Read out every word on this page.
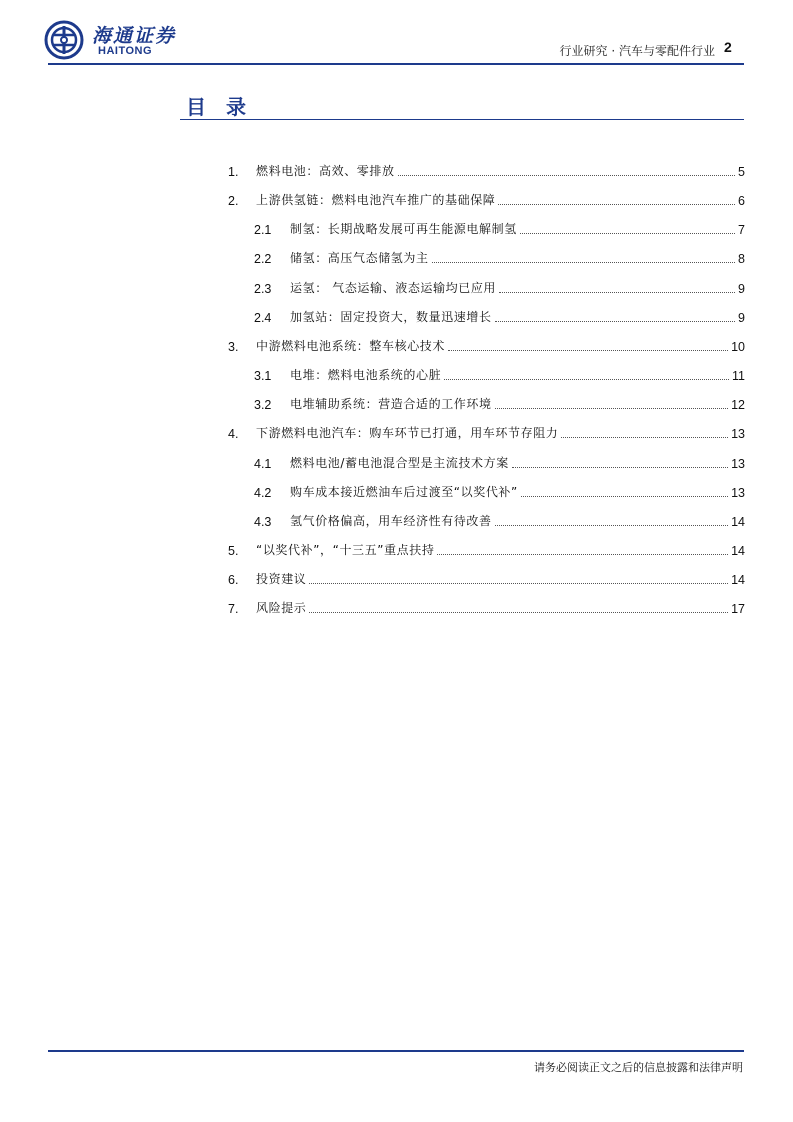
海通证券
HAITONG	行业研究 · 汽车与零配件行业 2
目录
1.	燃料电池：高效、零排放	5
2.	上游供氢链：燃料电池汽车推广的基础保障	6
2.1	制氢：长期战略发展可再生能源电解制氢	7
2.2	储氢：高压气态储氢为主	8
2.3	运氢： 气态运输、液态运输均已应用	9
2.4	加氢站：固定投资大，数量迅速增长	9
3.	中游燃料电池系统：整车核心技术	10
3.1	电堆：燃料电池系统的心脏	11
3.2	电堆辅助系统：营造合适的工作环境	12
4.	下游燃料电池汽车：购车环节已打通，用车环节存阻力	13
4.1	燃料电池/蓄电池混合型是主流技术方案	13
4.2	购车成本接近燃油车后过渡至“以奖代补”	13
4.3	氢气价格偏高，用车经济性有待改善	14
5.	“以奖代补”，“十三五”重点扶持	14
6.	投资建议	14
7.	风险提示	17
请务必阅读正文之后的信息披露和法律声明
